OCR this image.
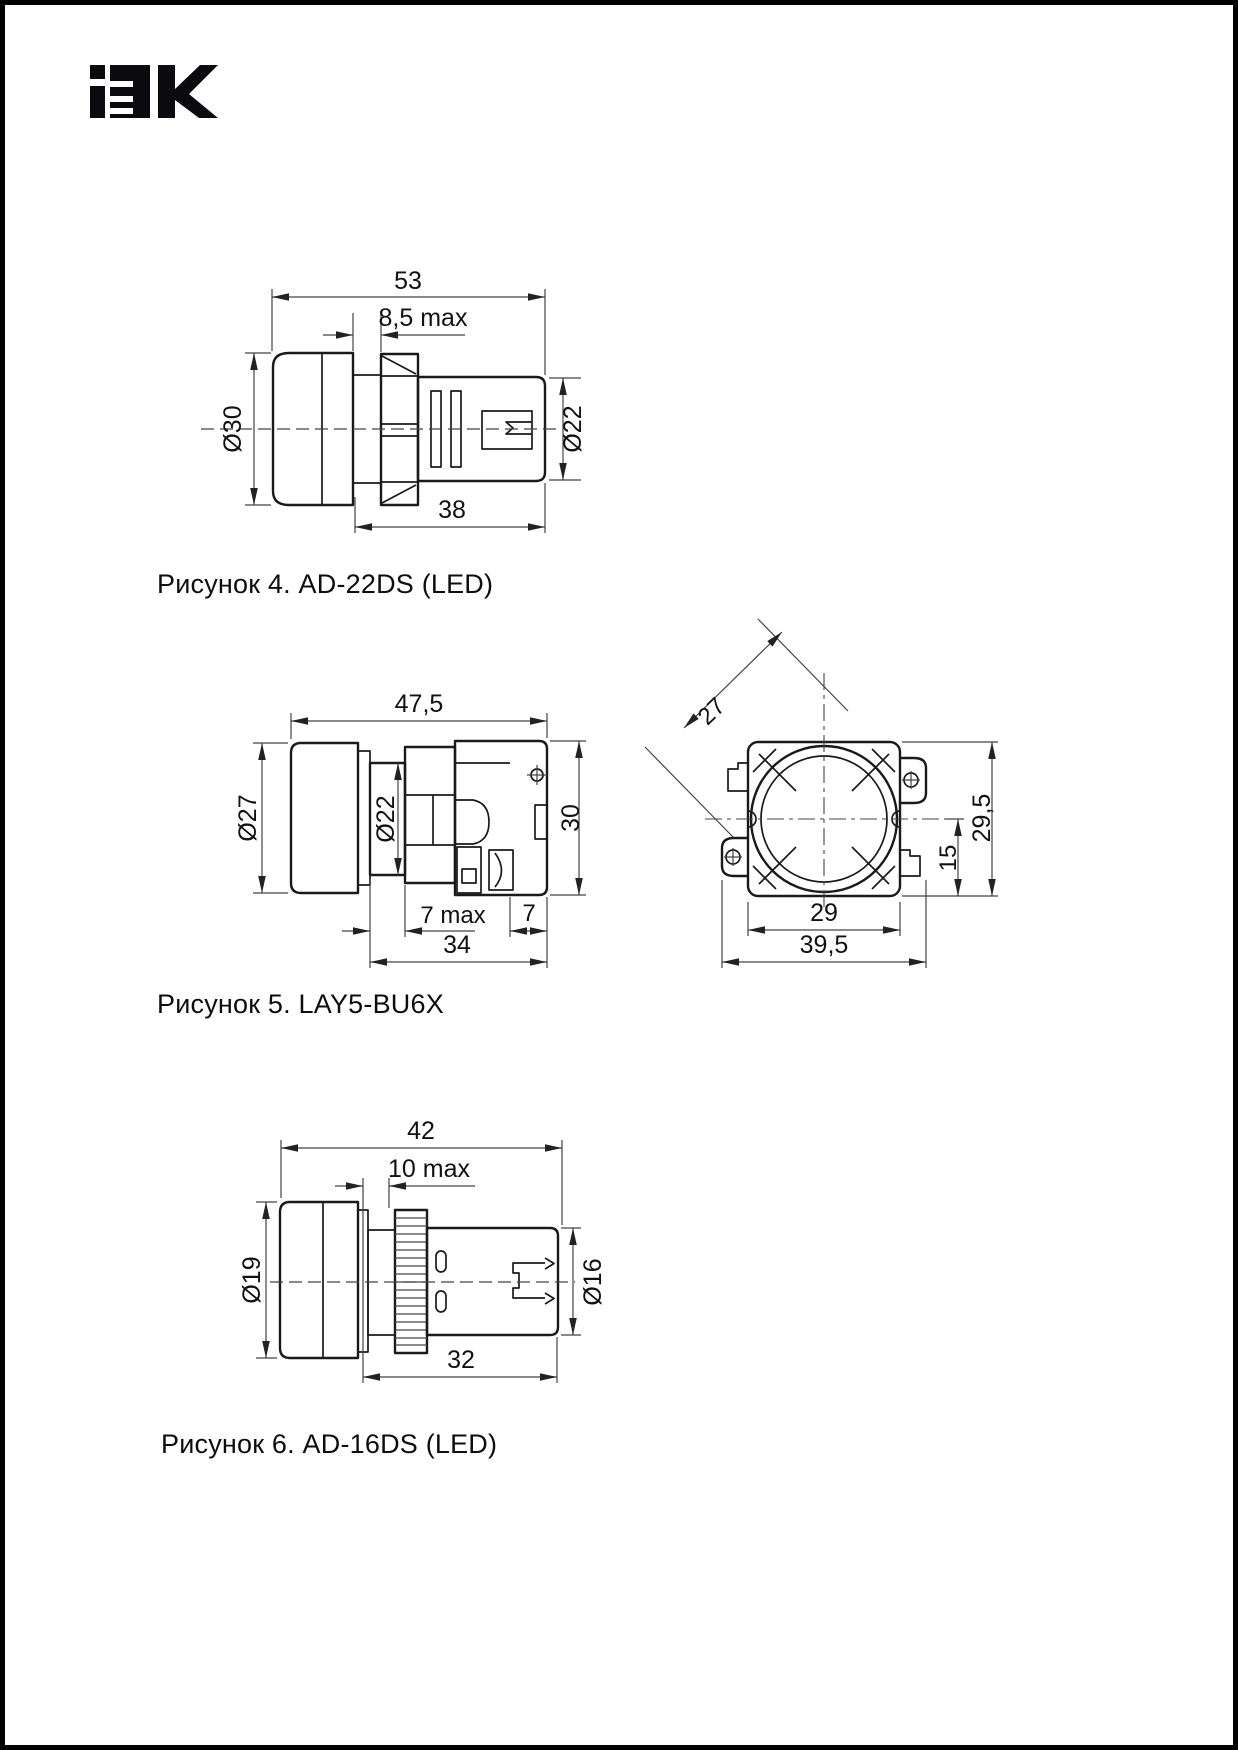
53
8,5 max
Ø30	Ø22
38
Рисунок 4. AD-22DS (LED)
47,5
Ø27	Ø22	30
7 max 7
34
27
29
39,5
15
29,5
Рисунок 5. LAY5-BU6X
42
10 max
Ø19	Ø16
32
Рисунок 6. AD-16DS (LED)
